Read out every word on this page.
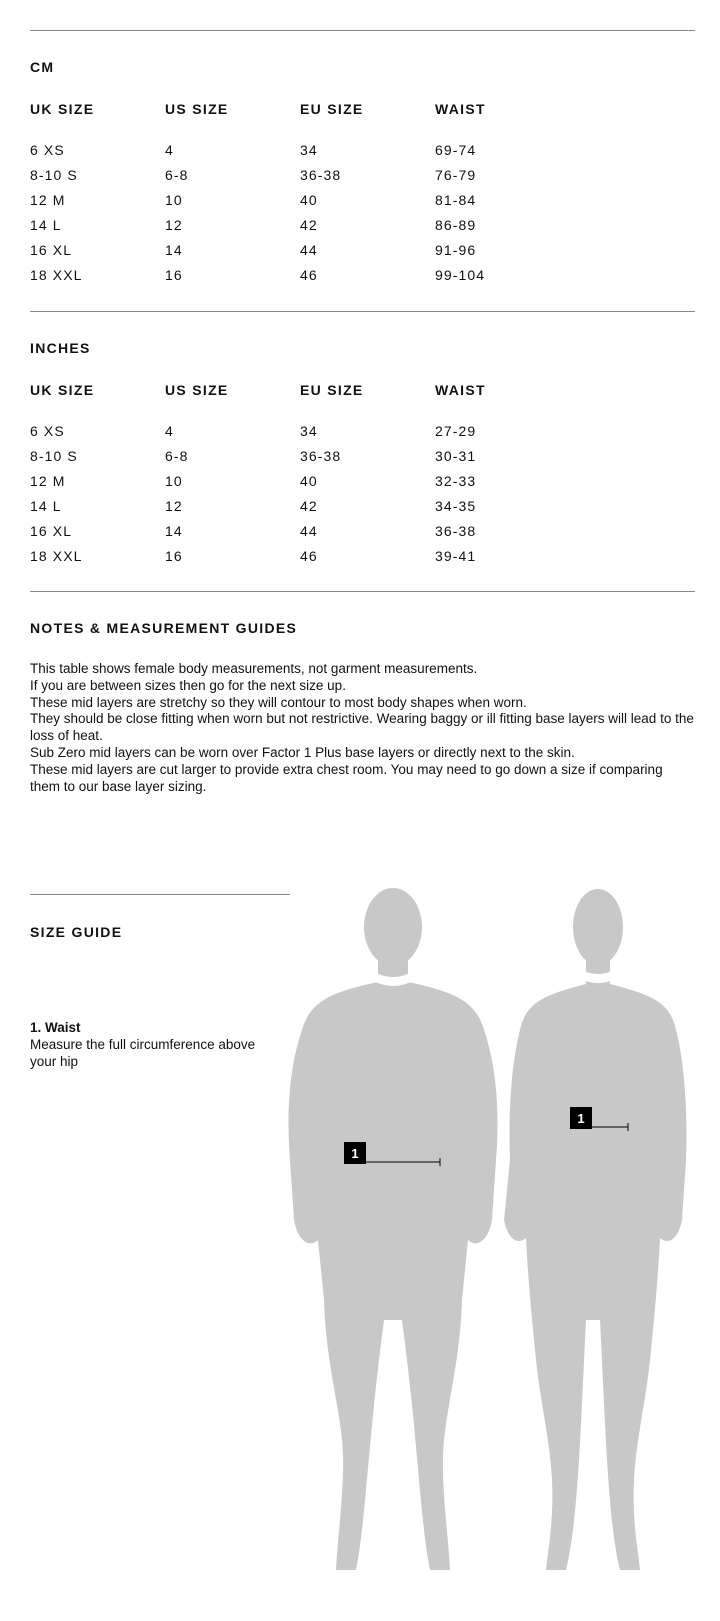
CM
UK SIZE	US SIZE	EU SIZE	WAIST
6 XS	4	34	69-74
8-10 S	6-8	36-38	76-79
12 M	10	40	81-84
14 L	12	42	86-89
16 XL	14	44	91-96
18 XXL	16	46	99-104
INCHES
UK SIZE	US SIZE	EU SIZE	WAIST
6 XS	4	34	27-29
8-10 S	6-8	36-38	30-31
12 M	10	40	32-33
14 L	12	42	34-35
16 XL	14	44	36-38
18 XXL	16	46	39-41
NOTES & MEASUREMENT GUIDES

This table shows female body measurements, not garment measurements.

If you are between sizes then go for the next size up.

These mid layers are stretchy so they will contour to most body shapes when worn.

They should be close fitting when worn but not restrictive. Wearing baggy or ill fitting base layers will lead to the loss of heat.

Sub Zero mid layers can be worn over Factor 1 Plus base layers or directly next to the skin.

These mid layers are cut larger to provide extra chest room. You may need to go down a size if comparing them to our base layer sizing.

SIZE GUIDE
1. Waist
Measure the full circumference above your hip
1
1
